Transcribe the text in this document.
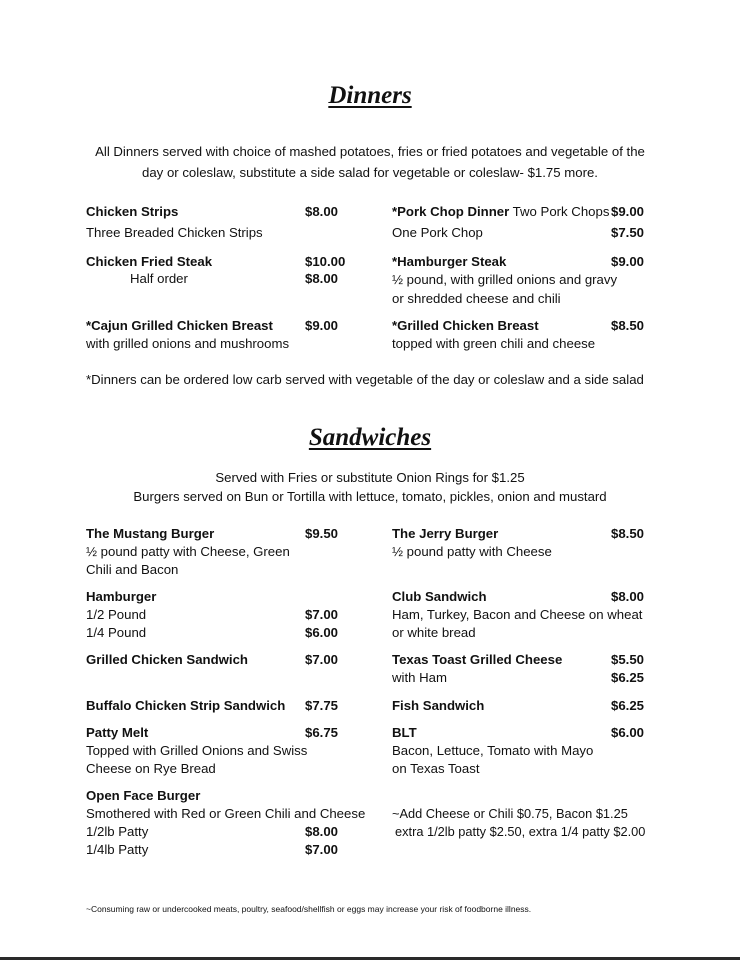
Dinners
All Dinners served with choice of mashed potatoes, fries or fried potatoes and vegetable of the
day or coleslaw, substitute a side salad for vegetable or coleslaw- $1.75 more.
Chicken Strips	$8.00
Three Breaded Chicken Strips
*Pork Chop Dinner Two Pork Chops $9.00
One Pork Chop	$7.50
Chicken Fried Steak	$10.00
Half order	$8.00
*Hamburger Steak	$9.00
½ pound, with grilled onions and gravy
or shredded cheese and chili
*Cajun Grilled Chicken Breast $9.00
with grilled onions and mushrooms
*Grilled Chicken Breast	$8.50
topped with green chili and cheese
*Dinners can be ordered low carb served with vegetable of the day or coleslaw and a side salad
Sandwiches
Served with Fries or substitute Onion Rings for $1.25
Burgers served on Bun or Tortilla with lettuce, tomato, pickles, onion and mustard
The Mustang Burger	$9.50
½ pound patty with Cheese, Green
Chili and Bacon
The Jerry Burger	$8.50
½ pound patty with Cheese
Hamburger
1/2 Pound	$7.00
1/4 Pound	$6.00
Club Sandwich	$8.00
Ham, Turkey, Bacon and Cheese on wheat
or white bread
Grilled Chicken Sandwich	$7.00	Texas Toast Grilled Cheese	$5.50
with Ham	$6.25
Buffalo Chicken Strip Sandwich $7.75	Fish Sandwich	$6.25
Patty Melt	$6.75
Topped with Grilled Onions and Swiss
Cheese on Rye Bread
BLT	$6.00
Bacon, Lettuce, Tomato with Mayo
on Texas Toast
Open Face Burger
Smothered with Red or Green Chili and Cheese
1/2lb Patty	$8.00
1/4lb Patty	$7.00
~Add Cheese or Chili $0.75, Bacon $1.25
extra 1/2lb patty $2.50, extra 1/4 patty $2.00
~Consuming raw or undercooked meats, poultry, seafood/shellfish or eggs may increase your risk of foodborne illness.
